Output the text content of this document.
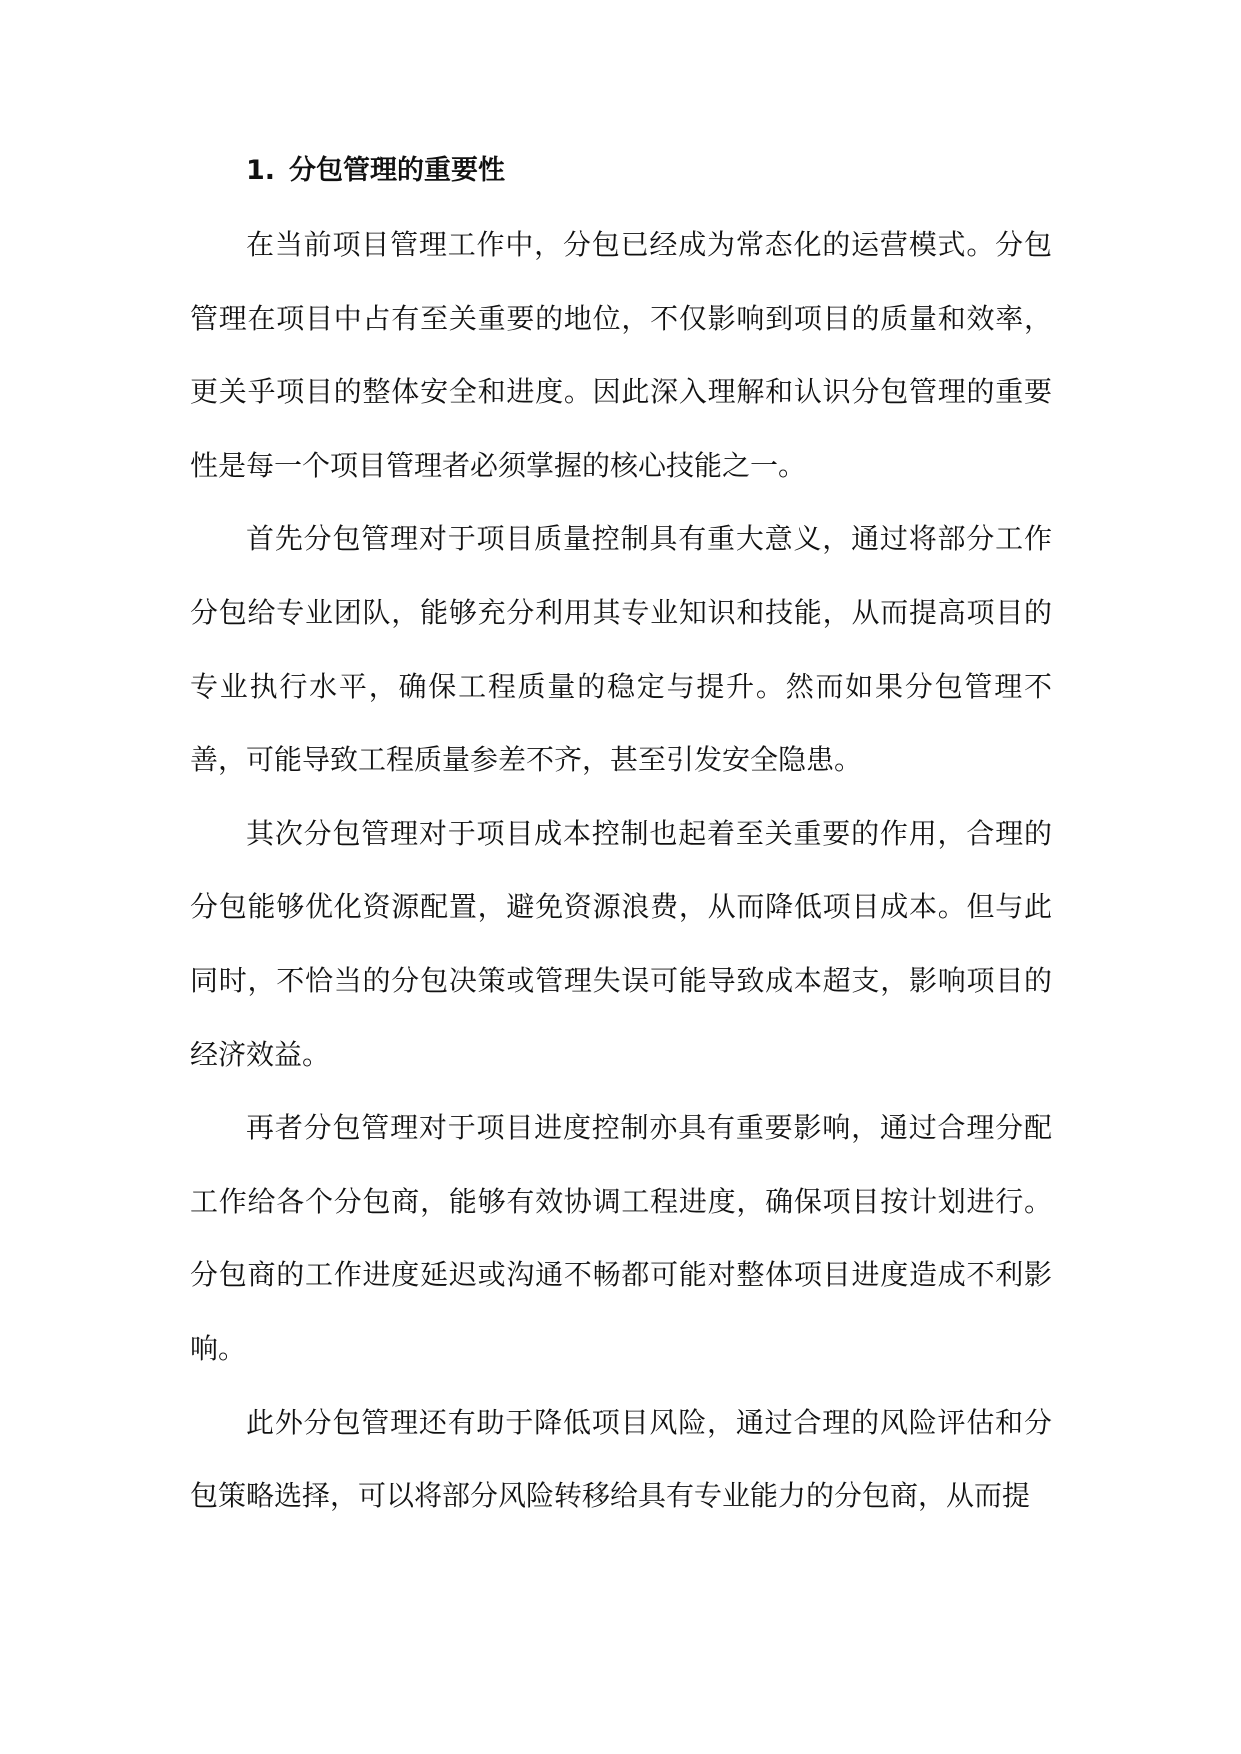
1. 分包管理的重要性

在当前项目管理工作中，分包已经成为常态化的运营模式。分包管理在项目中占有至关重要的地位，不仅影响到项目的质量和效率，更关乎项目的整体安全和进度。因此深入理解和认识分包管理的重要性是每一个项目管理者必须掌握的核心技能之一。

首先分包管理对于项目质量控制具有重大意义，通过将部分工作分包给专业团队，能够充分利用其专业知识和技能，从而提高项目的专业执行水平，确保工程质量的稳定与提升。然而如果分包管理不善，可能导致工程质量参差不齐，甚至引发安全隐患。

其次分包管理对于项目成本控制也起着至关重要的作用，合理的分包能够优化资源配置，避免资源浪费，从而降低项目成本。但与此同时，不恰当的分包决策或管理失误可能导致成本超支，影响项目的经济效益。

再者分包管理对于项目进度控制亦具有重要影响，通过合理分配工作给各个分包商，能够有效协调工程进度，确保项目按计划进行。分包商的工作进度延迟或沟通不畅都可能对整体项目进度造成不利影响。

此外分包管理还有助于降低项目风险，通过合理的风险评估和分包策略选择，可以将部分风险转移给具有专业能力的分包商，从而提
